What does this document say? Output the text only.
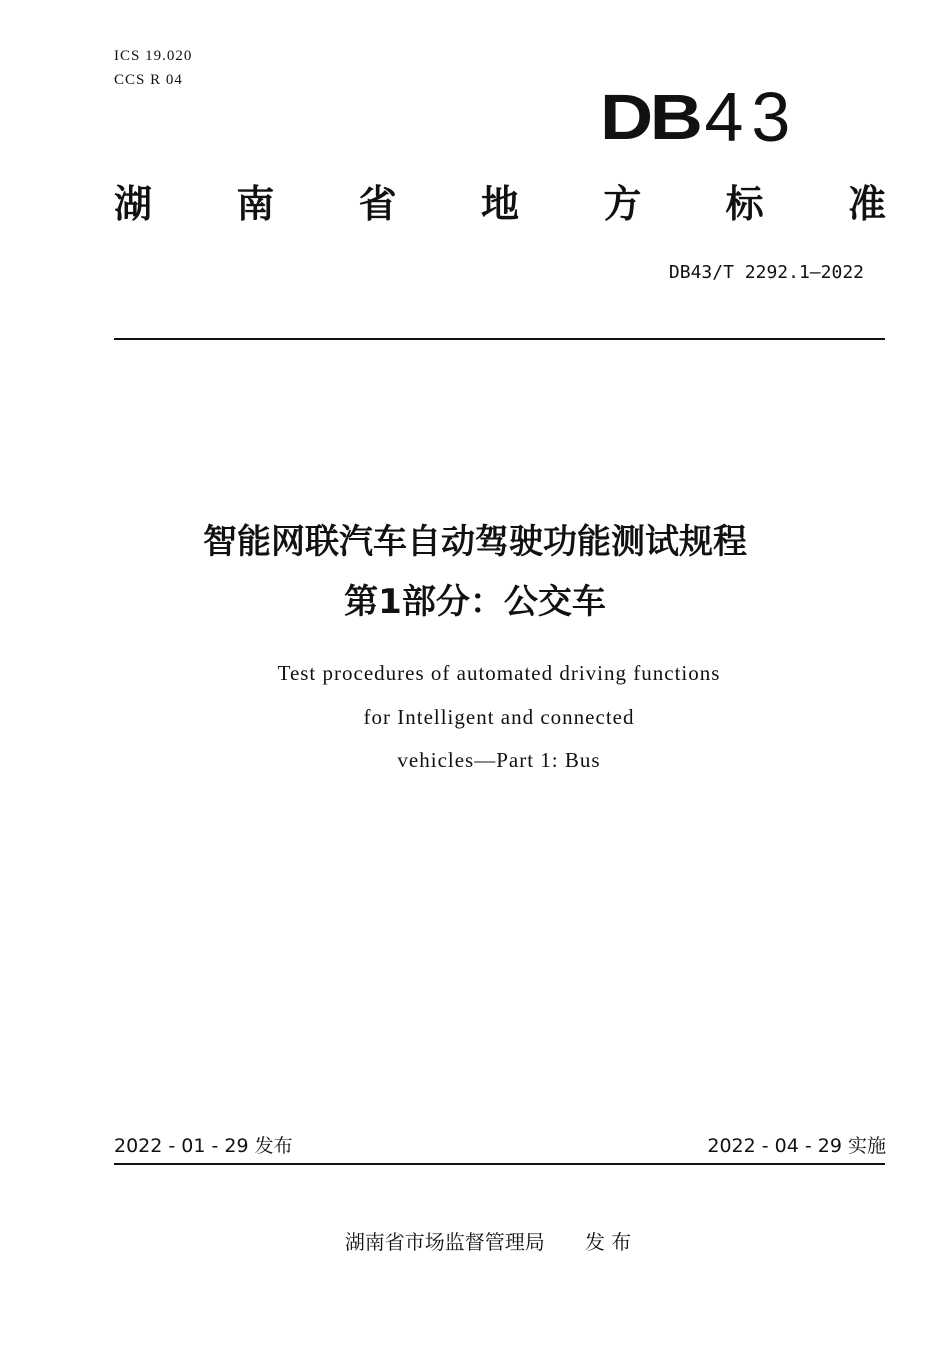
ICS 19.020
CCS R 04
DB 43
湖 南 省 地 方 标 准
DB43/T 2292.1—2022
智能网联汽车自动驾驶功能测试规程
第1部分：公交车
Test procedures of automated driving functions
for Intelligent and connected
vehicles—Part 1: Bus
2022 - 01 - 29 发布	2022 - 04 - 29 实施
湖南省市场监督管理局 发 布
